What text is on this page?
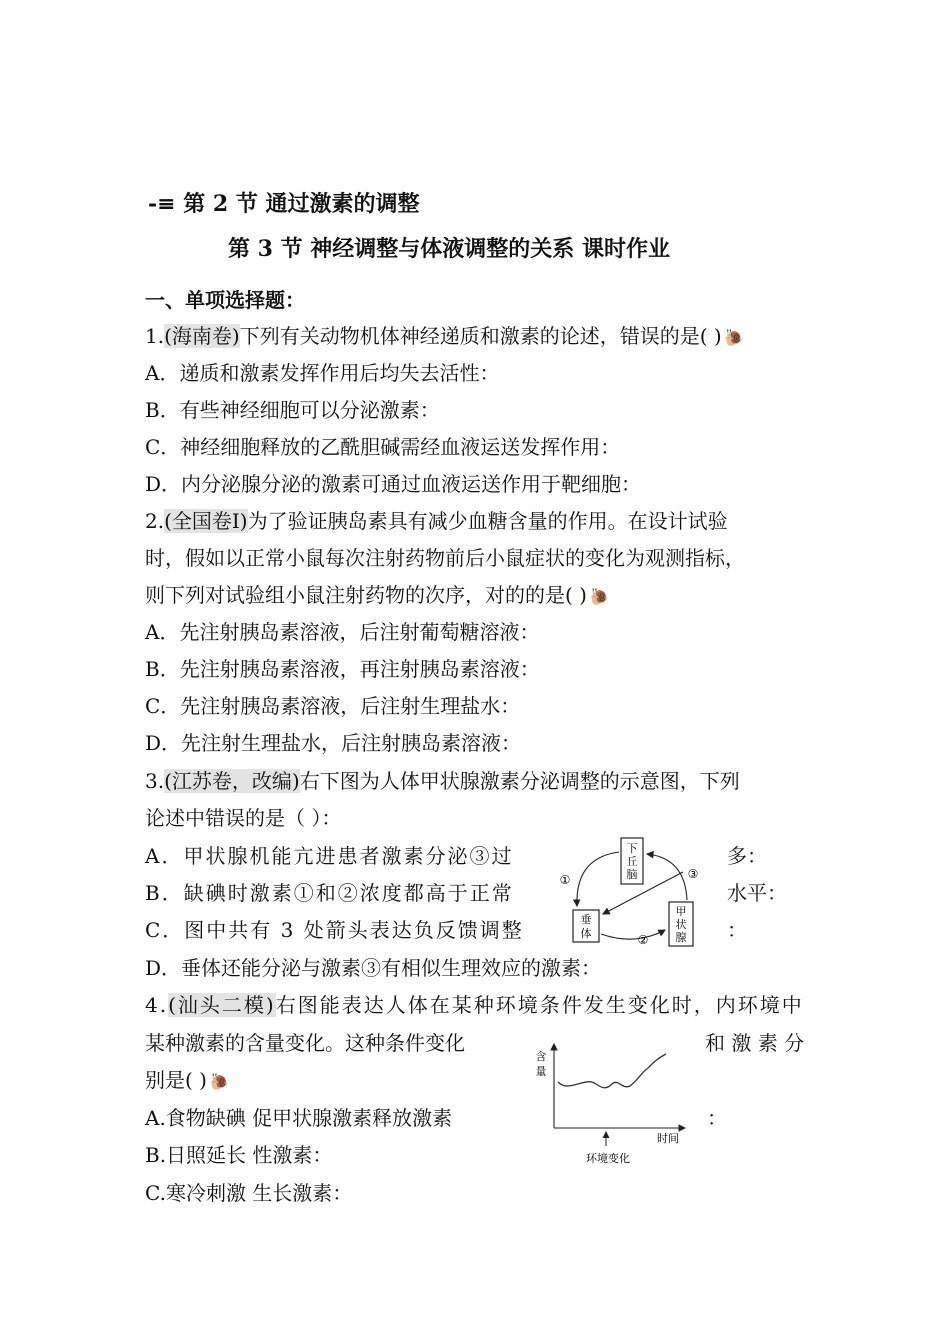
-≡ 第 2 节 通过激素的调整
第 3 节 神经调整与体液调整的关系 课时作业
一、单项选择题：
1.(海南卷)下列有关动物机体神经递质和激素的论述，错误的是( ) 🐌
A．递质和激素发挥作用后均失去活性：
B．有些神经细胞可以分泌激素：
C．神经细胞释放的乙酰胆碱需经血液运送发挥作用：
D．内分泌腺分泌的激素可通过血液运送作用于靶细胞：
2.(全国卷Ⅰ)为了验证胰岛素具有减少血糖含量的作用。在设计试验
时，假如以正常小鼠每次注射药物前后小鼠症状的变化为观测指标，
则下列对试验组小鼠注射药物的次序，对的的是( ) 🐌
A．先注射胰岛素溶液，后注射葡萄糖溶液：
B．先注射胰岛素溶液，再注射胰岛素溶液：
C．先注射胰岛素溶液，后注射生理盐水：
D．先注射生理盐水，后注射胰岛素溶液：
3.(江苏卷，改编)右下图为人体甲状腺激素分泌调整的示意图，下列
论述中错误的是（ ）：
A．甲状腺机能亢进患者激素分泌③过	多：
B．缺碘时激素①和②浓度都高于正常	水平：
C．图中共有 3 处箭头表达负反馈调整	：
D．垂体还能分泌与激素③有相似生理效应的激素：
下
丘
脑
垂
体
甲
状
腺
①
②
③
4.(汕头二模)右图能表达人体在某种环境条件发生变化时，内环境中
某种激素的含量变化。这种条件变化	和 激 素 分
别是( ) 🐌
A.食物缺碘 促甲状腺激素释放激素	：
B.日照延长 性激素：
C.寒冷刺激 生长激素：
含
量
时间
环境变化
